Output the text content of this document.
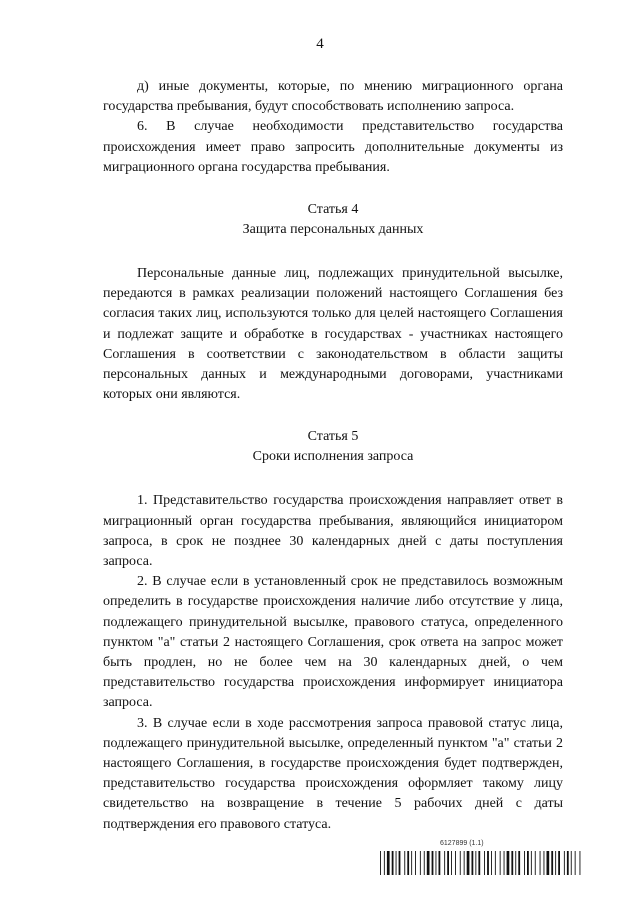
4

д) иные документы, которые, по мнению миграционного органа государства пребывания, будут способствовать исполнению запроса.

6. В случае необходимости представительство государства происхождения имеет право запросить дополнительные документы из миграционного органа государства пребывания.

Статья 4
Защита персональных данных

Персональные данные лиц, подлежащих принудительной высылке, передаются в рамках реализации положений настоящего Соглашения без согласия таких лиц, используются только для целей настоящего Соглашения и подлежат защите и обработке в государствах - участниках настоящего Соглашения в соответствии с законодательством в области защиты персональных данных и международными договорами, участниками которых они являются.

Статья 5
Сроки исполнения запроса

1. Представительство государства происхождения направляет ответ в миграционный орган государства пребывания, являющийся инициатором запроса, в срок не позднее 30 календарных дней с даты поступления запроса.

2. В случае если в установленный срок не представилось возможным определить в государстве происхождения наличие либо отсутствие у лица, подлежащего принудительной высылке, правового статуса, определенного пунктом "а" статьи 2 настоящего Соглашения, срок ответа на запрос может быть продлен, но не более чем на 30 календарных дней, о чем представительство государства происхождения информирует инициатора запроса.

3. В случае если в ходе рассмотрения запроса правовой статус лица, подлежащего принудительной высылке, определенный пунктом "а" статьи 2 настоящего Соглашения, в государстве происхождения будет подтвержден, представительство государства происхождения оформляет такому лицу свидетельство на возвращение в течение 5 рабочих дней с даты подтверждения его правового статуса.

6127899 (1.1)
